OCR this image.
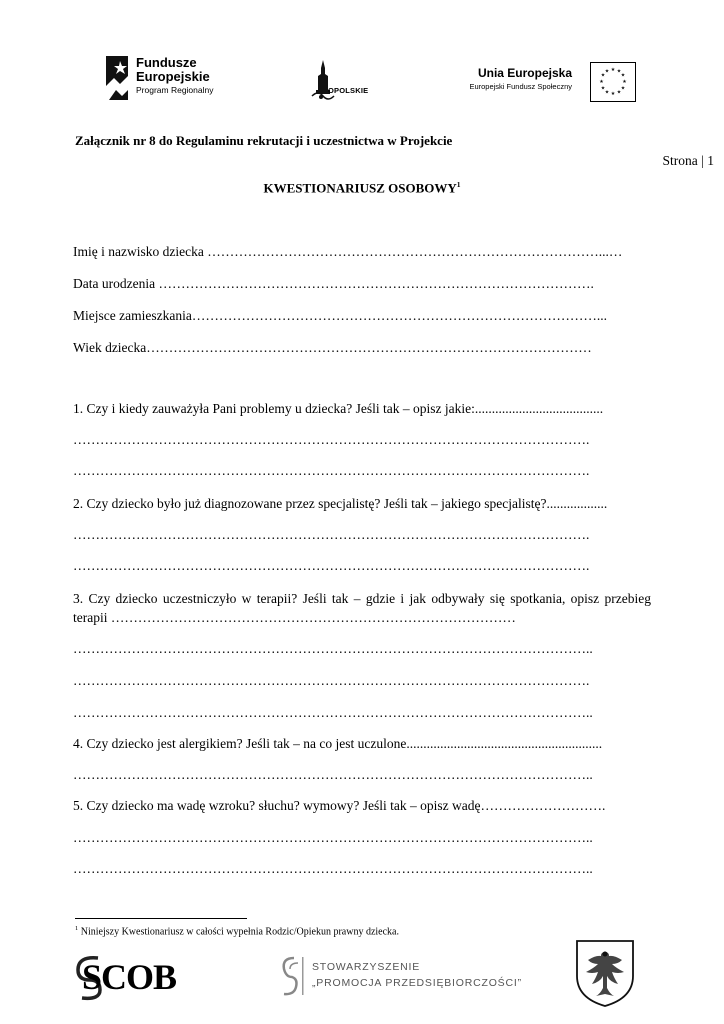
Fundusze
Europejskie
Program Regionalny	OPOLSKIE
Unia Europejska
Europejski Fundusz Społeczny
★ ★
★
★
★
★
★
★
★
★
★
★
Załącznik nr 8 do Regulaminu rekrutacji i uczestnictwa w Projekcie
Strona | 1
KWESTIONARIUSZ OSOBOWY$^1$
Imię i nazwisko dziecka ……………………………………………………………………………...…
Data urodzenia …………………………………………………………………………………….
Miejsce zamieszkania………………………………………………………………………………...
Wiek dziecka………………………………………………………………………………………
1. Czy i kiedy zauważyła Pani problemy u dziecka? Jeśli tak – opisz jakie:......................................
…………………………………………………………………………………………………….
…………………………………………………………………………………………………….
2. Czy dziecko było już diagnozowane przez specjalistę? Jeśli tak – jakiego specjalistę?..................
…………………………………………………………………………………………………….
…………………………………………………………………………………………………….
3. Czy dziecko uczestniczyło w terapii? Jeśli tak – gdzie i jak odbywały się spotkania, opisz przebieg terapii ………………………………………………………………………………
……………………………………………………………………………………………………..
…………………………………………………………………………………………………….
……………………………………………………………………………………………………..
4. Czy dziecko jest alergikiem? Jeśli tak – na co jest uczulone..........................................................
……………………………………………………………………………………………………..
5. Czy dziecko ma wadę wzroku? słuchu? wymowy? Jeśli tak – opisz wadę……………………….
……………………………………………………………………………………………………..
……………………………………………………………………………………………………..
$^1$ Niniejszy Kwestionariusz w całości wypełnia Rodzic/Opiekun prawny dziecka.
SCOB	STOWARZYSZENIE
„PROMOCJA PRZEDSIĘBIORCZOŚCI”
